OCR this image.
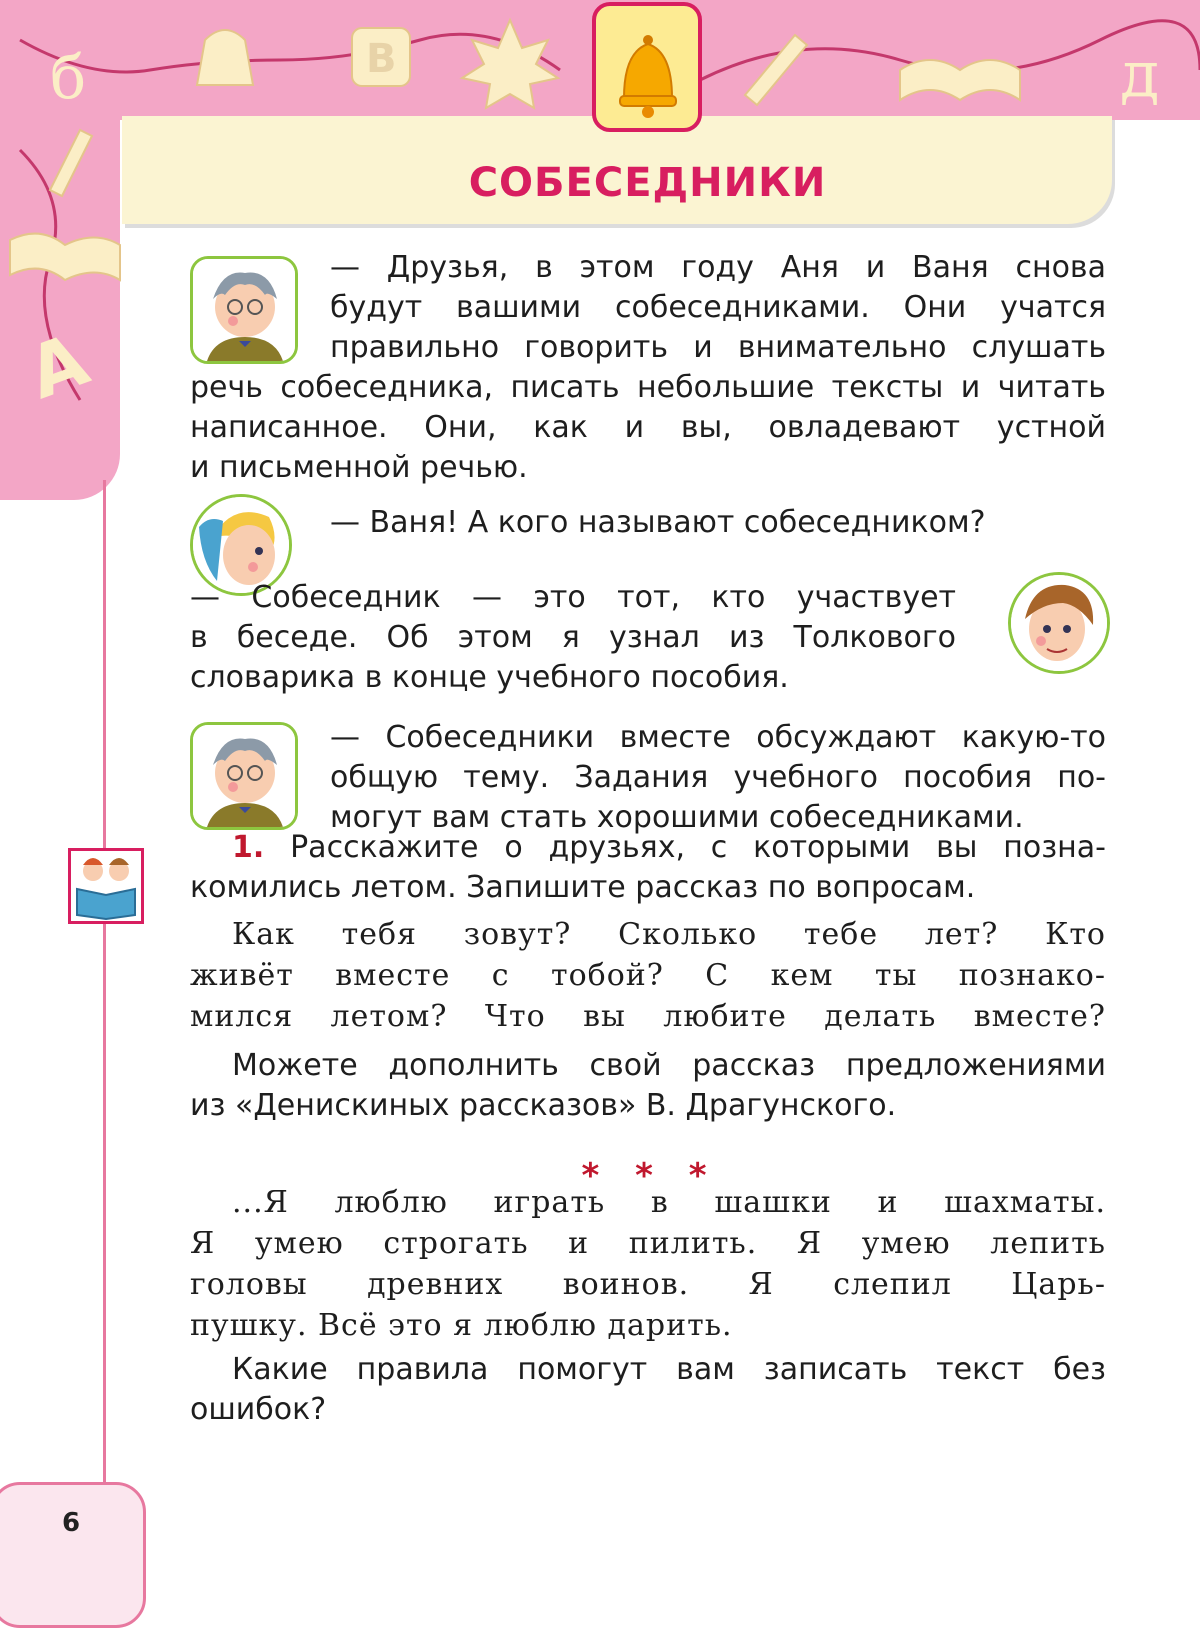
б	В	д
А
СОБЕСЕДНИКИ

— Друзья, в этом году Аня и Ваня снова

будут вашими собеседниками. Они учатся

правильно говорить и внимательно слушать

речь собеседника, писать небольшие тексты и читать

написанное. Они, как и вы, овладевают устной

и письменной речью.

— Ваня! А кого называют собеседником?

— Собеседник — это тот, кто участвует

в беседе. Об этом я узнал из Толкового

словарика в конце учебного пособия.

— Собеседники вместе обсуждают какую-то

общую тему. Задания учебного пособия по-

могут вам стать хорошими собеседниками.

1. Расскажите о друзьях, с которыми вы позна-

комились летом. Запишите рассказ по вопросам.

Как тебя зовут? Сколько тебе лет? Кто

живёт вместе с тобой? С кем ты познако-

мился летом? Что вы любите делать вместе?

Можете дополнить свой рассказ предложениями

из «Денискиных рассказов» В. Драгунского.

* * *

...Я люблю играть в шашки и шахматы.

Я умею строгать и пилить. Я умею лепить

головы древних воинов. Я слепил Царь-

пушку. Всё это я люблю дарить.

Какие правила помогут вам записать текст без

ошибок?

6
